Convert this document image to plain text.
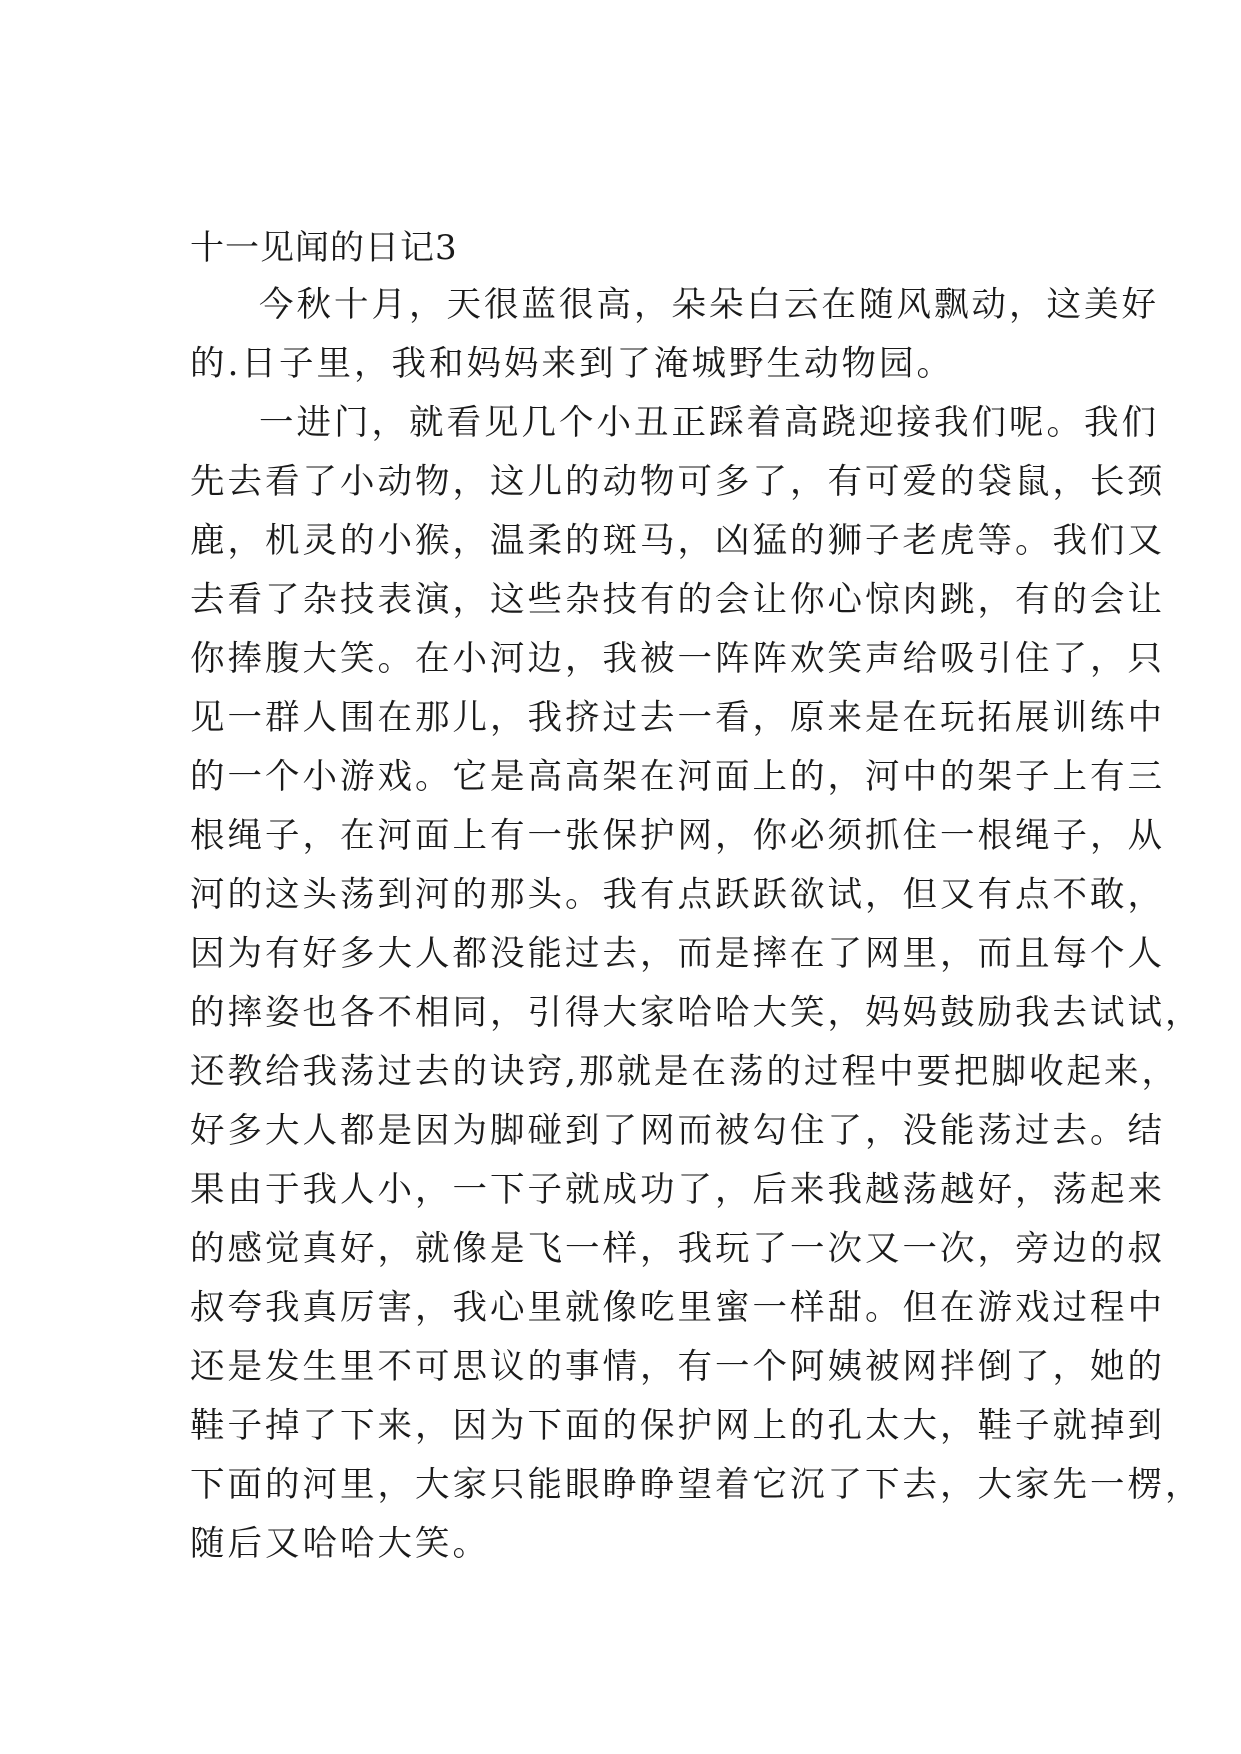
十一见闻的日记3
今秋十月，天很蓝很高，朵朵白云在随风飘动，这美好
的.日子里，我和妈妈来到了淹城野生动物园。
一进门，就看见几个小丑正踩着高跷迎接我们呢。我们
先去看了小动物，这儿的动物可多了，有可爱的袋鼠，长颈
鹿，机灵的小猴，温柔的斑马，凶猛的狮子老虎等。我们又
去看了杂技表演，这些杂技有的会让你心惊肉跳，有的会让
你捧腹大笑。在小河边，我被一阵阵欢笑声给吸引住了，只
见一群人围在那儿，我挤过去一看，原来是在玩拓展训练中
的一个小游戏。它是高高架在河面上的，河中的架子上有三
根绳子，在河面上有一张保护网，你必须抓住一根绳子，从
河的这头荡到河的那头。我有点跃跃欲试，但又有点不敢，
因为有好多大人都没能过去，而是摔在了网里，而且每个人
的摔姿也各不相同，引得大家哈哈大笑，妈妈鼓励我去试试，
还教给我荡过去的诀窍,那就是在荡的过程中要把脚收起来，
好多大人都是因为脚碰到了网而被勾住了，没能荡过去。结
果由于我人小，一下子就成功了，后来我越荡越好，荡起来
的感觉真好，就像是飞一样，我玩了一次又一次，旁边的叔
叔夸我真厉害，我心里就像吃里蜜一样甜。但在游戏过程中
还是发生里不可思议的事情，有一个阿姨被网拌倒了，她的
鞋子掉了下来，因为下面的保护网上的孔太大，鞋子就掉到
下面的河里，大家只能眼睁睁望着它沉了下去，大家先一楞，
随后又哈哈大笑。
